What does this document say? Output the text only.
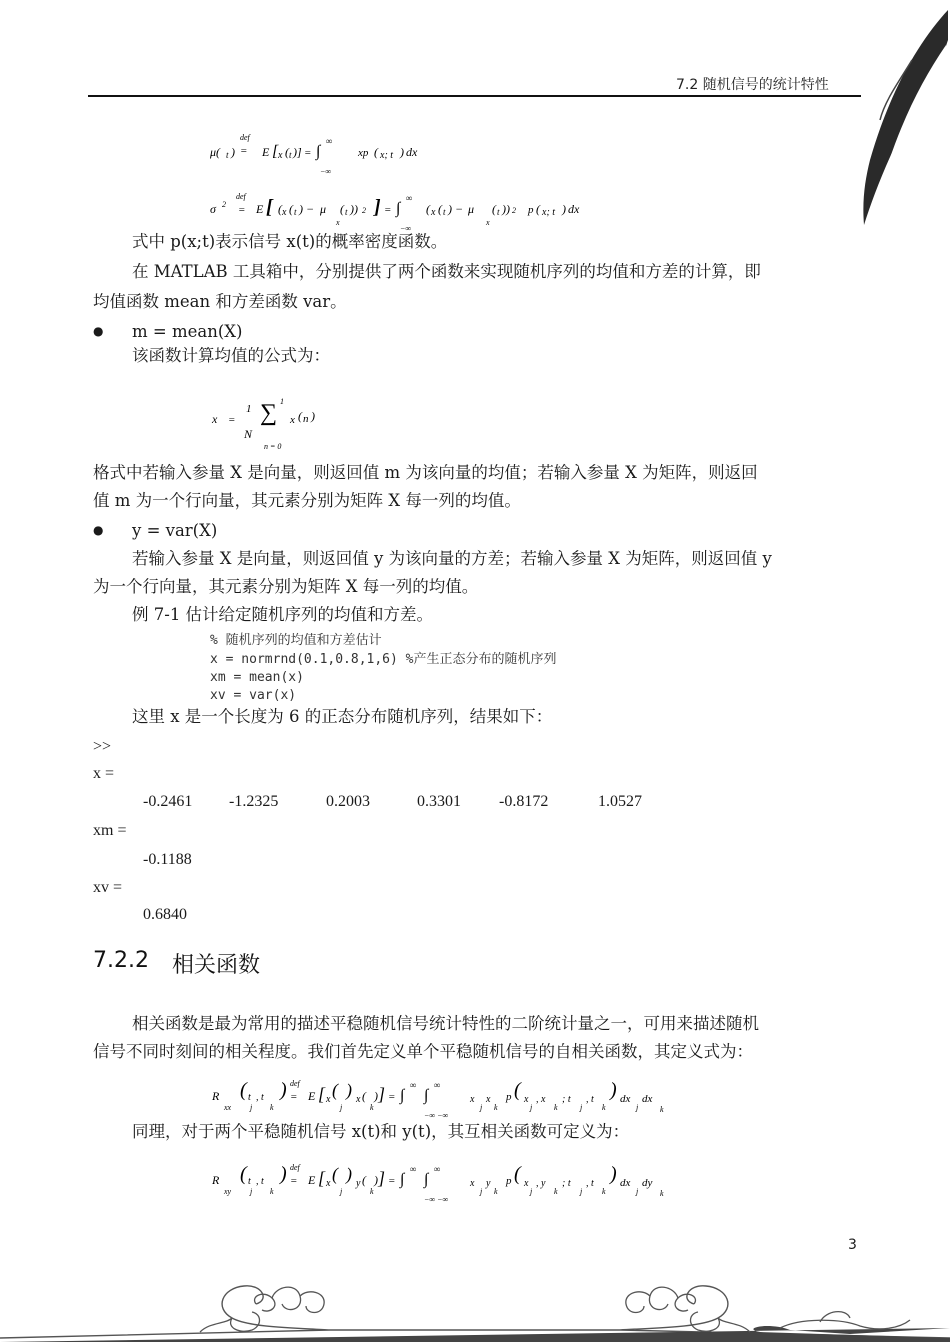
7.2 随机信号的统计特性
μ( t )
def
= E [ x ( t )] = ∫
∞
−∞
xp ( x; t ) dx
σ 2
def
= E [ ( x ( t ) − μ
x
( t )) 2 ] = ∫
∞
−∞
( x ( t ) − μ
x
( t )) 2 p ( x; t ) dx
式中 p(x;t)表示信号 x(t)的概率密度函数。
在 MATLAB 工具箱中，分别提供了两个函数来实现随机序列的均值和方差的计算，即
均值函数 mean 和方差函数 var。
● m = mean(X)
该函数计算均值的公式为：
x =
1
N
∑ 1
n = 0
x ( n )
格式中若输入参量 X 是向量，则返回值 m 为该向量的均值；若输入参量 X 为矩阵，则返回
值 m 为一个行向量，其元素分别为矩阵 X 每一列的均值。
● y = var(X)
若输入参量 X 是向量，则返回值 y 为该向量的方差；若输入参量 X 为矩阵，则返回值 y
为一个行向量，其元素分别为矩阵 X 每一列的均值。
例 7-1 估计给定随机序列的均值和方差。
% 随机序列的均值和方差估计
x = normrnd(0.1,0.8,1,6) %产生正态分布的随机序列
xm = mean(x)
xv = var(x)
这里 x 是一个长度为 6 的正态分布随机序列，结果如下：
>>
x =
-0.2461 -1.2325	0.2003	0.3301 -0.8172	1.0527
xm =
-0.1188
xv =
0.6840
7.2.2 相关函数
相关函数是最为常用的描述平稳随机信号统计特性的二阶统计量之一，可用来描述随机
信号不同时刻间的相关程度。我们首先定义单个平稳随机信号的自相关函数，其定义式为：
R
xx
( t
j
, t
k
) def
= E [ x (
j
) x (
k
) ] = ∫
∞
∫
∞
−∞ −∞
x
j
x
k
p ( x
j
, x
k
; t
j
, t
k
) dx
j
dx
k
同理，对于两个平稳随机信号 x(t)和 y(t)，其互相关函数可定义为：
R
xy
( t
j
, t
k
) def
= E [ x (
j
) y (
k
) ] = ∫
∞
∫
∞
−∞ −∞
x
j
y
k
p ( x
j
, y
k
; t
j
, t
k
) dx
j
dy
k
3
